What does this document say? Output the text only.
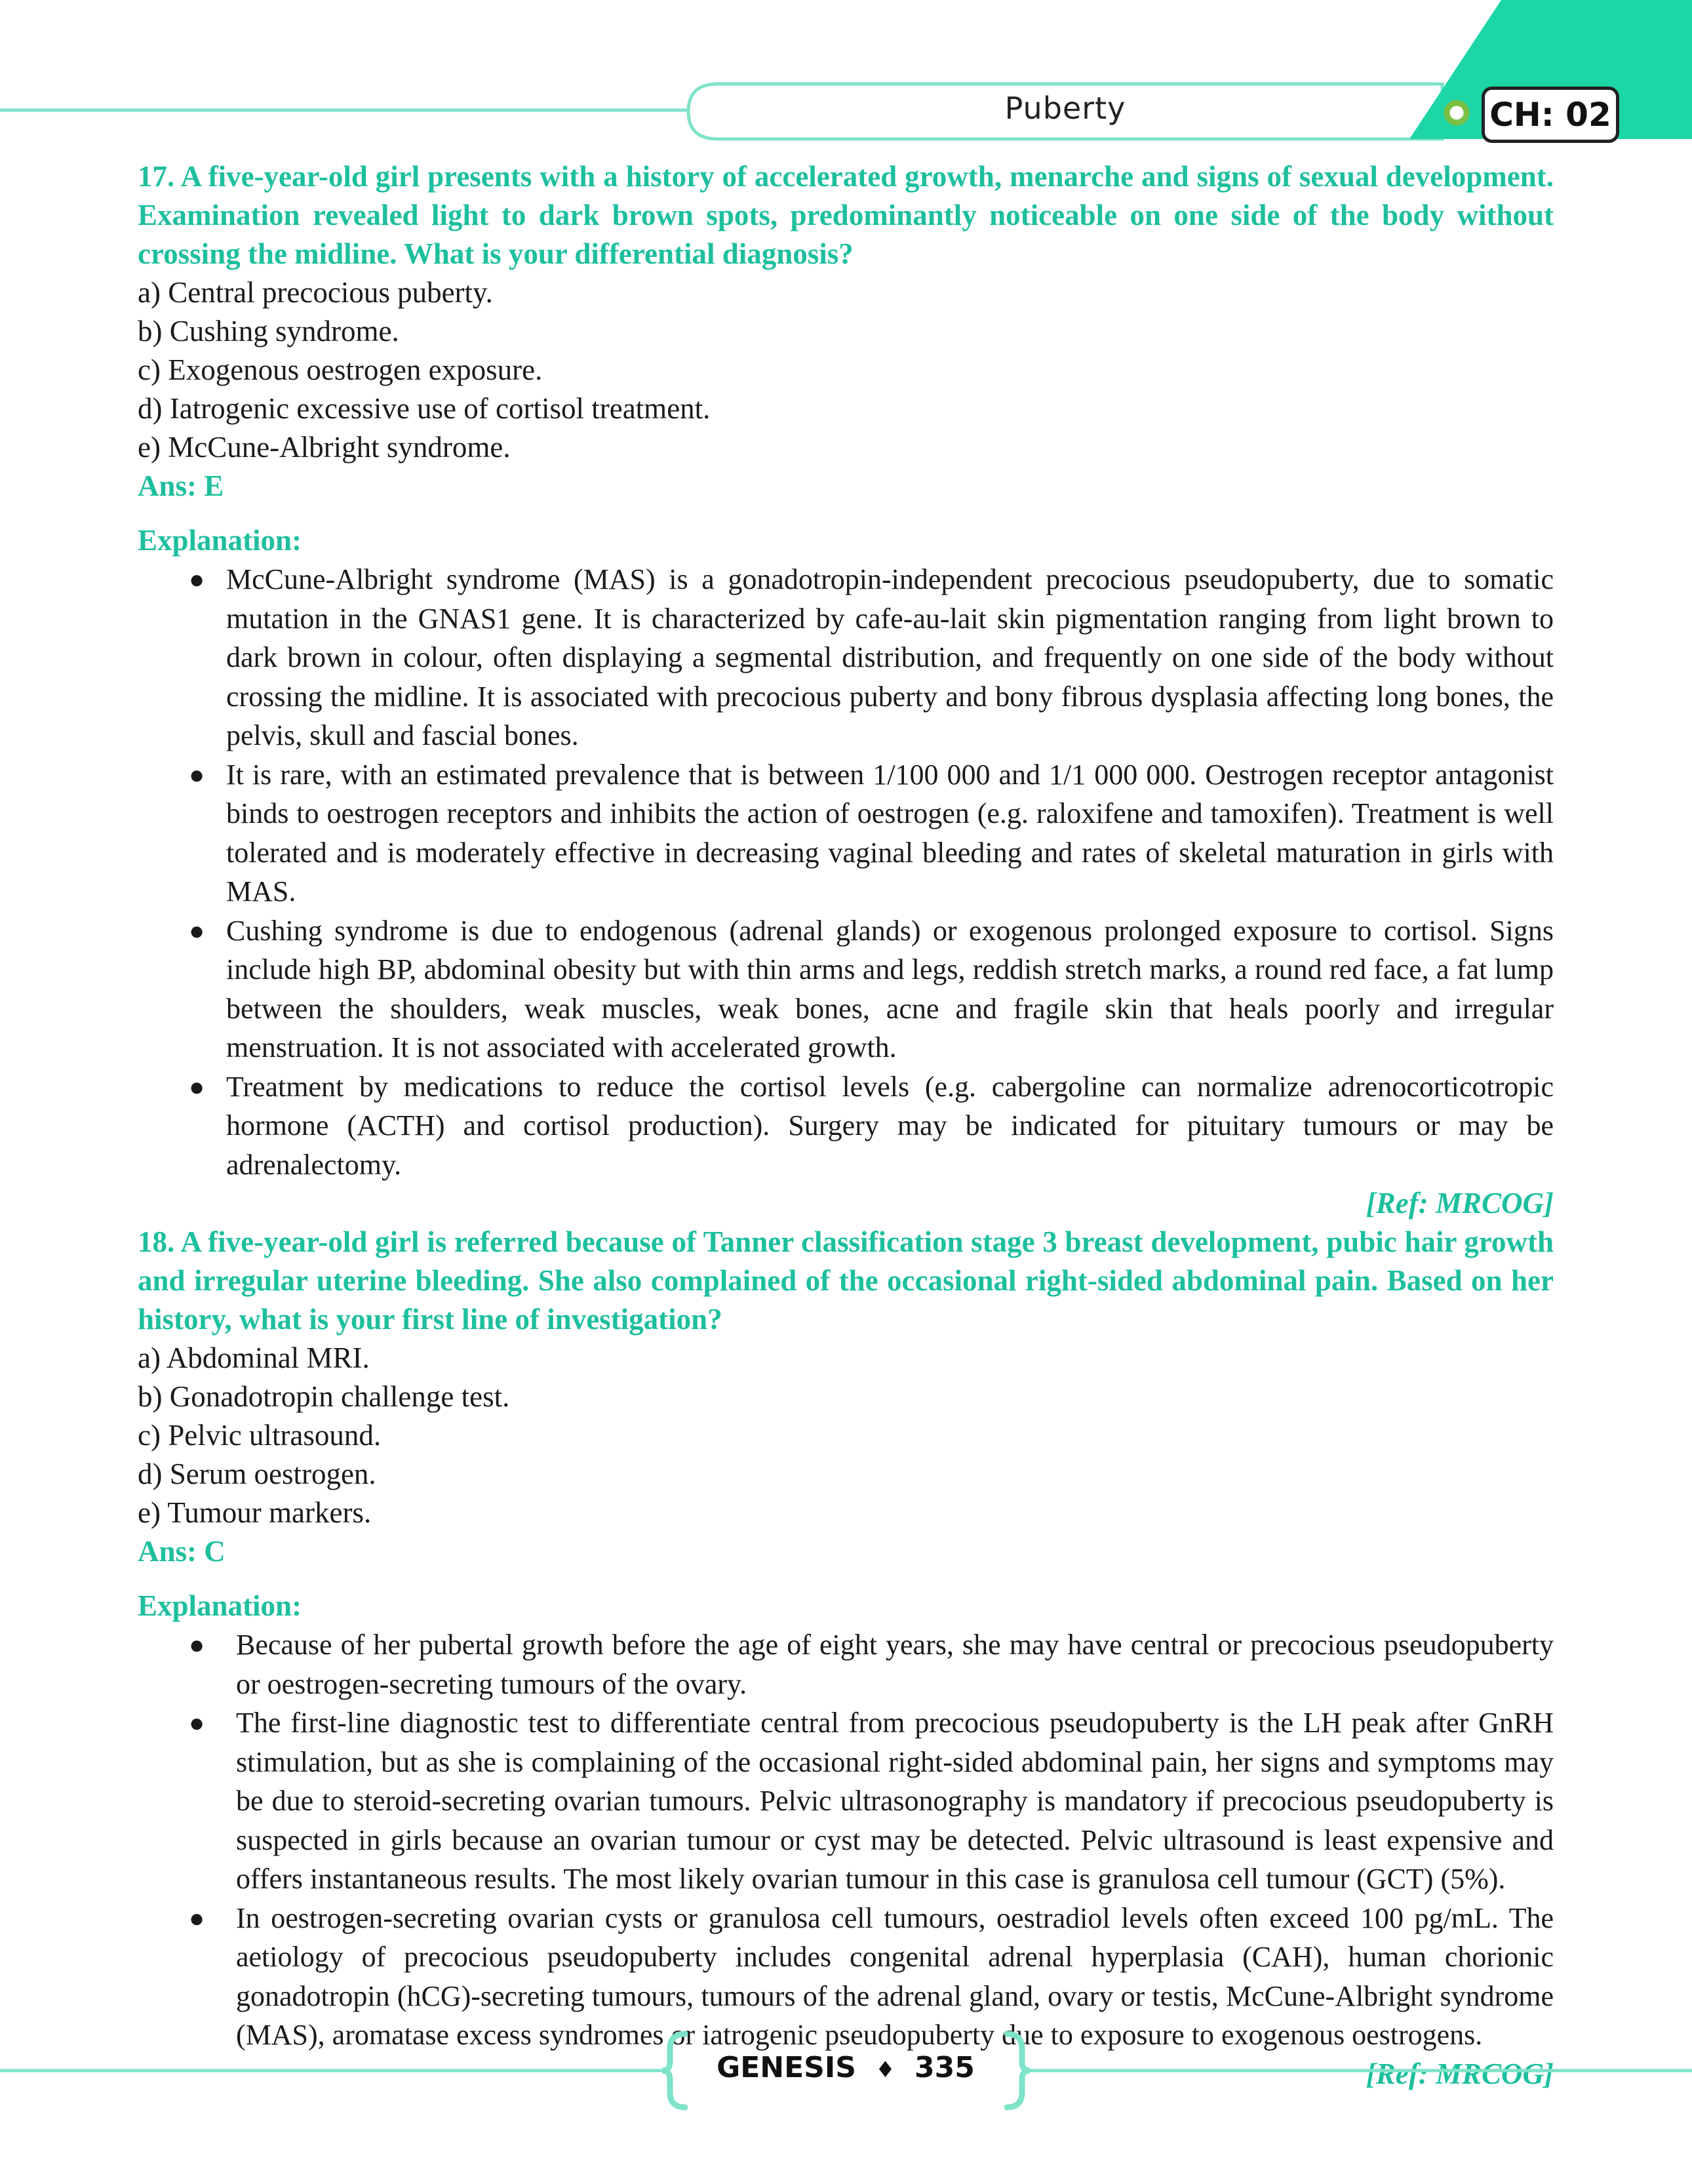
Puberty	CH: 02

17. A five-year-old girl presents with a history of accelerated growth, menarche and signs of sexual development. Examination revealed light to dark brown spots, predominantly noticeable on one side of the body without crossing the midline. What is your differential diagnosis?

a) Central precocious puberty.

b) Cushing syndrome.

c) Exogenous oestrogen exposure.

d) Iatrogenic excessive use of cortisol treatment.

e) McCune-Albright syndrome.

Ans: E

Explanation:

● McCune-Albright syndrome (MAS) is a gonadotropin-independent precocious pseudopuberty, due to somatic mutation in the GNAS1 gene. It is characterized by cafe-au-lait skin pigmentation ranging from light brown to dark brown in colour, often displaying a segmental distribution, and frequently on one side of the body without crossing the midline. It is associated with precocious puberty and bony fibrous dysplasia affecting long bones, the pelvis, skull and fascial bones.
● It is rare, with an estimated prevalence that is between 1/100 000 and 1/1 000 000. Oestrogen receptor antagonist binds to oestrogen receptors and inhibits the action of oestrogen (e.g. raloxifene and tamoxifen). Treatment is well tolerated and is moderately effective in decreasing vaginal bleeding and rates of skeletal maturation in girls with MAS.
● Cushing syndrome is due to endogenous (adrenal glands) or exogenous prolonged exposure to cortisol. Signs include high BP, abdominal obesity but with thin arms and legs, reddish stretch marks, a round red face, a fat lump between the shoulders, weak muscles, weak bones, acne and fragile skin that heals poorly and irregular menstruation. It is not associated with accelerated growth.
● Treatment by medications to reduce the cortisol levels (e.g. cabergoline can normalize adrenocorticotropic hormone (ACTH) and cortisol production). Surgery may be indicated for pituitary tumours or may be adrenalectomy.

[Ref: MRCOG]

18. A five-year-old girl is referred because of Tanner classification stage 3 breast development, pubic hair growth and irregular uterine bleeding. She also complained of the occasional right-sided abdominal pain. Based on her history, what is your first line of investigation?

a) Abdominal MRI.

b) Gonadotropin challenge test.

c) Pelvic ultrasound.

d) Serum oestrogen.

e) Tumour markers.

Ans: C

Explanation:

● Because of her pubertal growth before the age of eight years, she may have central or precocious pseudopuberty or oestrogen-secreting tumours of the ovary.
● The first-line diagnostic test to differentiate central from precocious pseudopuberty is the LH peak after GnRH stimulation, but as she is complaining of the occasional right-sided abdominal pain, her signs and symptoms may be due to steroid-secreting ovarian tumours. Pelvic ultrasonography is mandatory if precocious pseudopuberty is suspected in girls because an ovarian tumour or cyst may be detected. Pelvic ultrasound is least expensive and offers instantaneous results. The most likely ovarian tumour in this case is granulosa cell tumour (GCT) (5%).
● In oestrogen-secreting ovarian cysts or granulosa cell tumours, oestradiol levels often exceed 100 pg/mL. The aetiology of precocious pseudopuberty includes congenital adrenal hyperplasia (CAH), human chorionic gonadotropin (hCG)-secreting tumours, tumours of the adrenal gland, ovary or testis, McCune-Albright syndrome (MAS), aromatase excess syndromes or iatrogenic pseudopuberty due to exposure to exogenous oestrogens.

[Ref: MRCOG]

GENESIS ♦ 335
